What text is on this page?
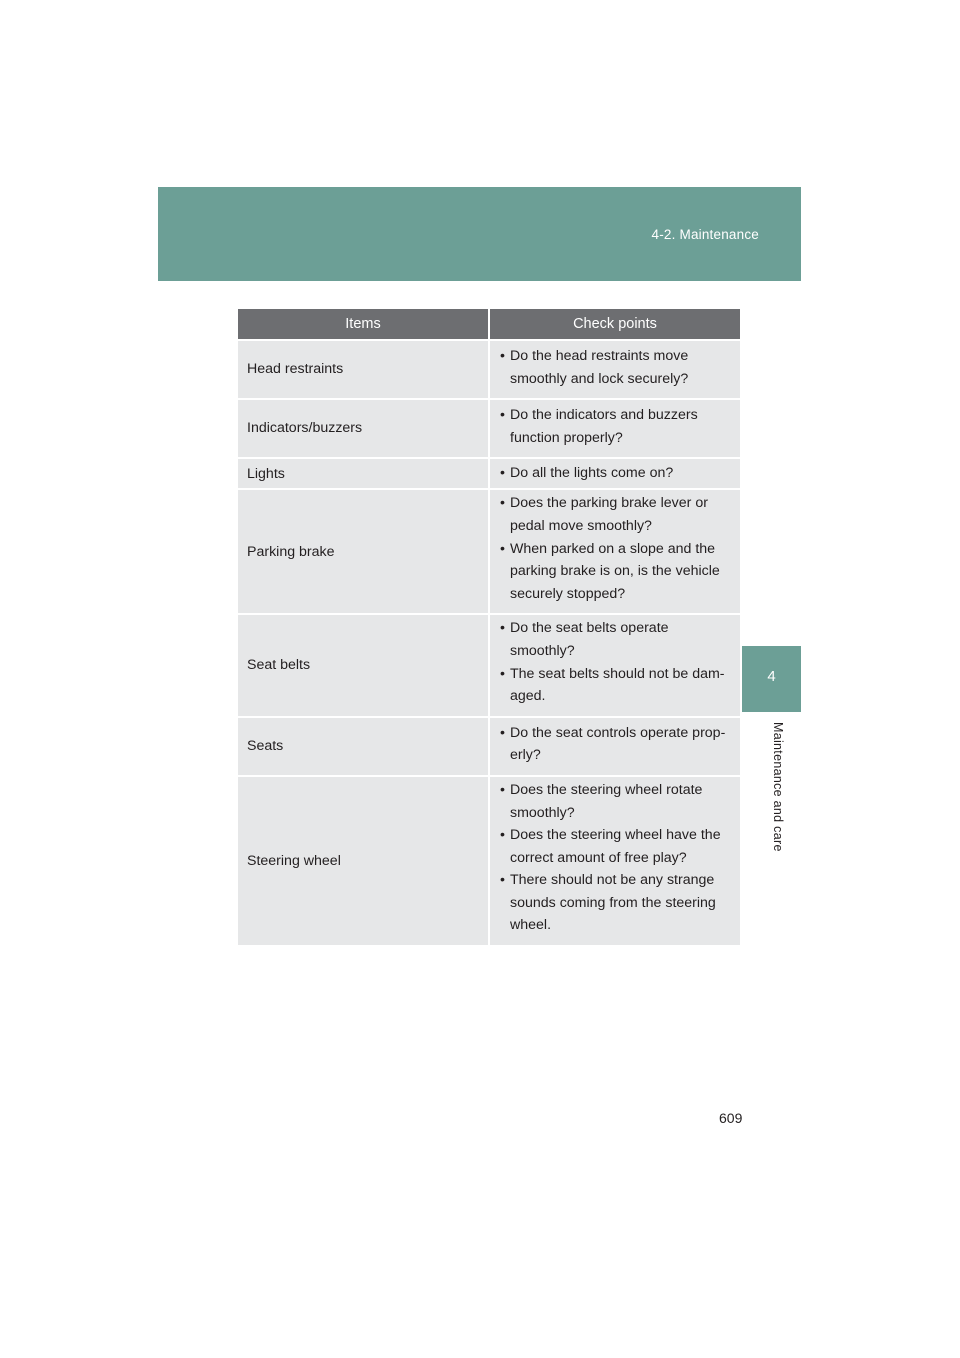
4-2. Maintenance
4
Maintenance and care
Items	Check points
Head restraints	• Do the head restraints move smoothly and lock securely?

Indicators/buzzers	• Do the indicators and buzzers function properly?

Lights	• Do all the lights come on?

Parking brake	• Does the parking brake lever or pedal move smoothly?
• When parked on a slope and the parking brake is on, is the vehicle securely stopped?

Seat belts	• Do the seat belts operate smoothly?
• The seat belts should not be dam-aged.

Seats	• Do the seat controls operate prop-erly?

Steering wheel	• Does the steering wheel rotate smoothly?
• Does the steering wheel have the correct amount of free play?
• There should not be any strange sounds coming from the steering wheel.
609
